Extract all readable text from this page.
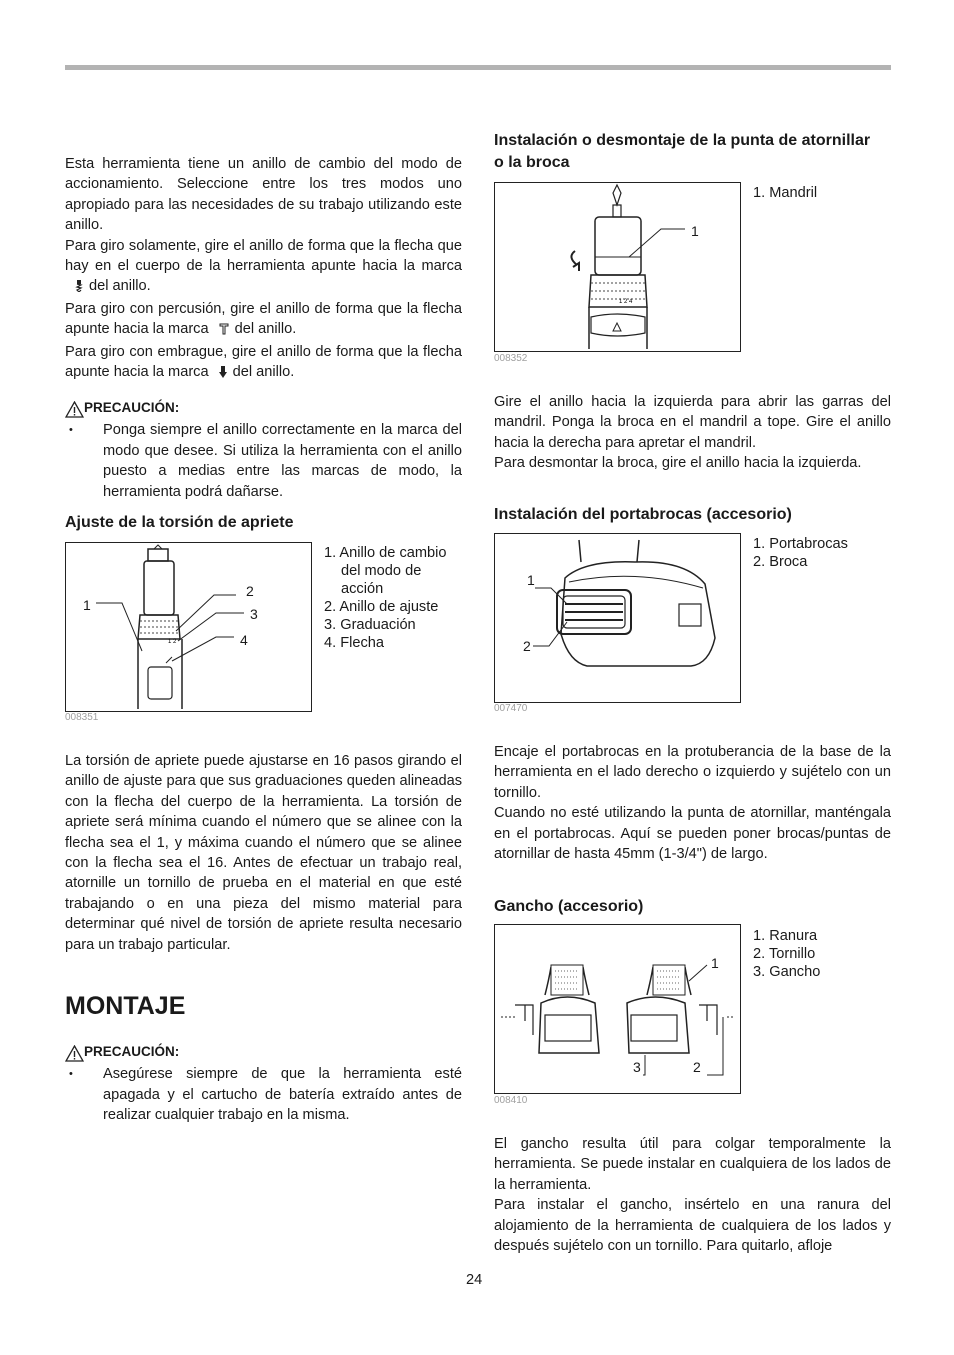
Esta herramienta tiene un anillo de cambio del modo de accionamiento. Seleccione entre los tres modos uno apropiado para las necesidades de su trabajo utilizando este anillo.

Para giro solamente, gire el anillo de forma que la flecha que hay en el cuerpo de la herramienta apunte hacia la marcadel anillo.

Para giro con percusión, gire el anillo de forma que la flecha apunte hacia la marca del anillo.

Para giro con embrague, gire el anillo de forma que la flecha apunte hacia la marca del anillo.

PRECAUCIÓN:
•	Ponga siempre el anillo correctamente en la marca del modo que desee. Si utiliza la herramienta con el anillo puesto a medias entre las marcas de modo, la herramienta podrá dañarse.
Ajuste de la torsión de apriete
1 2
1
2
3
4
008351
1. Anillo de cambio
del modo de
acción
2. Anillo de ajuste
3. Graduación
4. Flecha

La torsión de apriete puede ajustarse en 16 pasos girando el anillo de ajuste para que sus graduaciones queden alineadas con la flecha del cuerpo de la herramienta. La torsión de apriete será mínima cuando el número que se alinee con la flecha sea el 1, y máxima cuando el número que se alinee con la flecha sea el 16. Antes de efectuar un trabajo real, atornille un tornillo de prueba en el material en que esté trabajando o en una pieza del mismo material para determinar qué nivel de torsión de apriete resulta necesario para un trabajo particular.

MONTAJE
PRECAUCIÓN:
•	Asegúrese siempre de que la herramienta esté apagada y el cartucho de batería extraído antes de realizar cualquier trabajo en la misma.
Instalación o desmontaje de la punta de atornillar o la broca
1 2 4
1
008352
1. Mandril

Gire el anillo hacia la izquierda para abrir las garras del mandril. Ponga la broca en el mandril a tope. Gire el anillo hacia la derecha para apretar el mandril.

Para desmontar la broca, gire el anillo hacia la izquierda.

Instalación del portabrocas (accesorio)
1
2
007470
1. Portabrocas
2. Broca

Encaje el portabrocas en la protuberancia de la base de la herramienta en el lado derecho o izquierdo y sujételo con un tornillo.

Cuando no esté utilizando la punta de atornillar, manténgala en el portabrocas. Aquí se pueden poner brocas/puntas de atornillar de hasta 45mm (1-3/4") de largo.

Gancho (accesorio)
1
3	2
008410
1. Ranura
2. Tornillo
3. Gancho

El gancho resulta útil para colgar temporalmente la herramienta. Se puede instalar en cualquiera de los lados de la herramienta.

Para instalar el gancho, insértelo en una ranura del alojamiento de la herramienta de cualquiera de los lados y después sujételo con un tornillo. Para quitarlo, afloje

24
